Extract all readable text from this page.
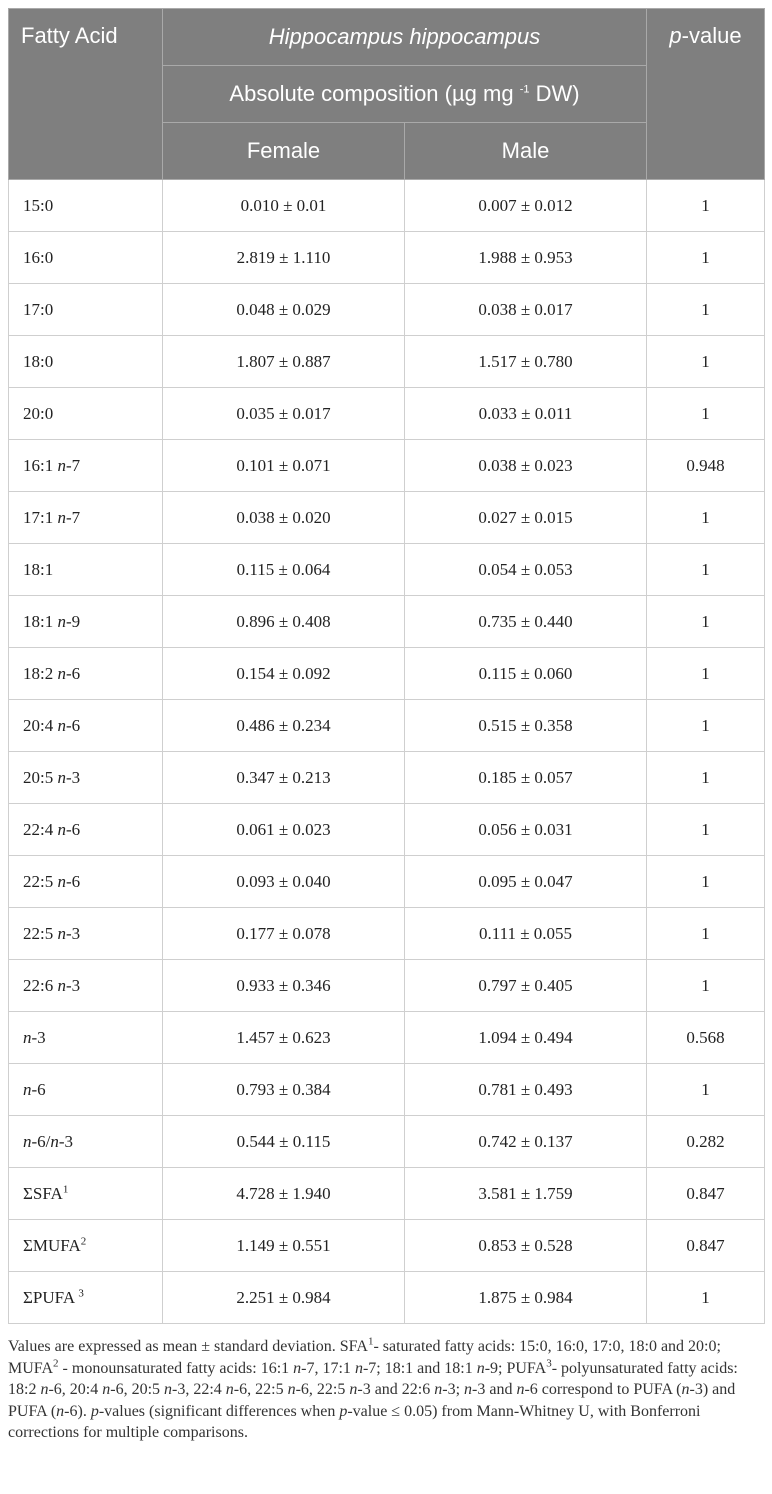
Fatty Acid	Hippocampus hippocampus		p-value
	Absolute composition (µg mg $^{-1}$ DW)		
	Female	Male	
15:0	0.010 ± 0.01	0.007 ± 0.012	1
16:0	2.819 ± 1.110	1.988 ± 0.953	1
17:0	0.048 ± 0.029	0.038 ± 0.017	1
18:0	1.807 ± 0.887	1.517 ± 0.780	1
20:0	0.035 ± 0.017	0.033 ± 0.011	1
16:1 n-7	0.101 ± 0.071	0.038 ± 0.023	0.948
17:1 n-7	0.038 ± 0.020	0.027 ± 0.015	1
18:1	0.115 ± 0.064	0.054 ± 0.053	1
18:1 n-9	0.896 ± 0.408	0.735 ± 0.440	1
18:2 n-6	0.154 ± 0.092	0.115 ± 0.060	1
20:4 n-6	0.486 ± 0.234	0.515 ± 0.358	1
20:5 n-3	0.347 ± 0.213	0.185 ± 0.057	1
22:4 n-6	0.061 ± 0.023	0.056 ± 0.031	1
22:5 n-6	0.093 ± 0.040	0.095 ± 0.047	1
22:5 n-3	0.177 ± 0.078	0.111 ± 0.055	1
22:6 n-3	0.933 ± 0.346	0.797 ± 0.405	1
n-3	1.457 ± 0.623	1.094 ± 0.494	0.568
n-6	0.793 ± 0.384	0.781 ± 0.493	1
n-6/n-3	0.544 ± 0.115	0.742 ± 0.137	0.282
ΣSFA$^1$	4.728 ± 1.940	3.581 ± 1.759	0.847
ΣMUFA$^2$	1.149 ± 0.551	0.853 ± 0.528	0.847
ΣPUFA $^3$	2.251 ± 0.984	1.875 ± 0.984	1
Values are expressed as mean ± standard deviation. SFA$^1$- saturated fatty acids: 15:0, 16:0, 17:0, 18:0 and 20:0; MUFA$^2$ - monounsaturated fatty acids: 16:1 n-7, 17:1 n-7; 18:1 and 18:1 n-9; PUFA$^3$- polyunsaturated fatty acids: 18:2 n-6, 20:4 n-6, 20:5 n-3, 22:4 n-6, 22:5 n-6, 22:5 n-3 and 22:6 n-3; n-3 and n-6 correspond to PUFA (n-3) and PUFA (n-6). p-values (significant differences when p-value ≤ 0.05) from Mann-Whitney U, with Bonferroni corrections for multiple comparisons.
